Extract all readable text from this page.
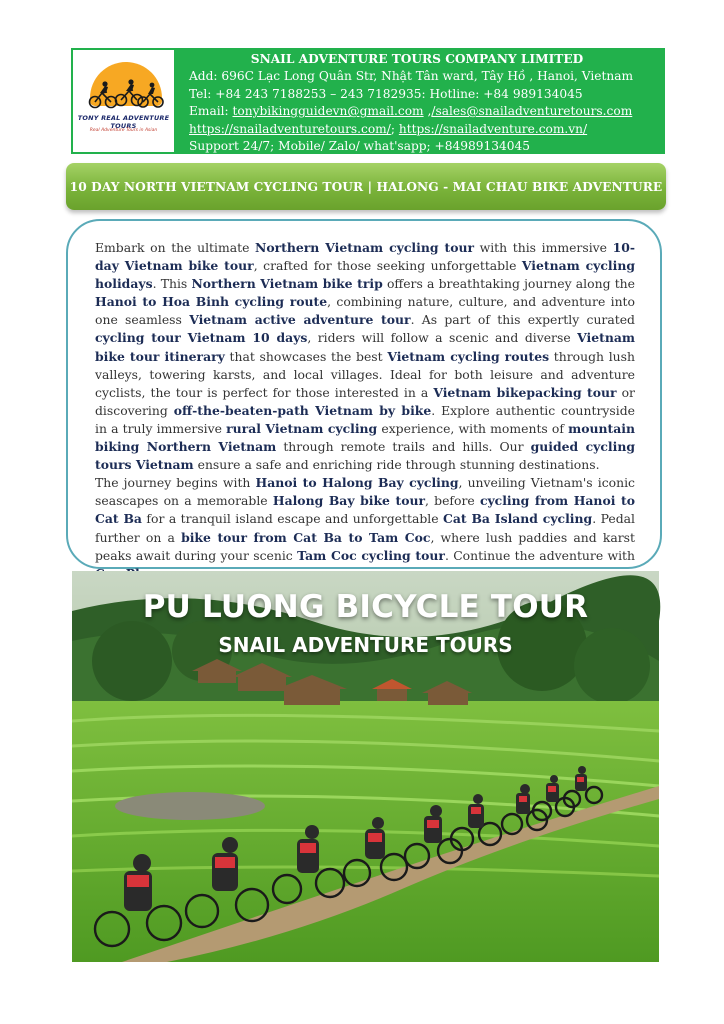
TONY REAL ADVENTURE TOURS
Real Adventure Tours in Asian
SNAIL ADVENTURE TOURS COMPANY LIMITED
Add: 696C Lạc Long Quân Str, Nhật Tân ward, Tây Hồ , Hanoi, Vietnam
Tel: +84 243 7188253 – 243 7182935: Hotline: +84 989134045
Email: tonybikingguidevn@gmail.com ,/sales@snailadventuretours.com
https://snailadventuretours.com/; https://snailadventure.com.vn/
Support 24/7; Mobile/ Zalo/ what'sapp; +84989134045
10 DAY NORTH VIETNAM CYCLING TOUR | HALONG - MAI CHAU BIKE ADVENTURE

Embark on the ultimate Northern Vietnam cycling tour with this immersive 10-day Vietnam bike tour, crafted for those seeking unforgettable Vietnam cycling holidays. This Northern Vietnam bike trip offers a breathtaking journey along the Hanoi to Hoa Binh cycling route, combining nature, culture, and adventure into one seamless Vietnam active adventure tour. As part of this expertly curated cycling tour Vietnam 10 days, riders will follow a scenic and diverse Vietnam bike tour itinerary that showcases the best Vietnam cycling routes through lush valleys, towering karsts, and local villages. Ideal for both leisure and adventure cyclists, the tour is perfect for those interested in a Vietnam bikepacking tour or discovering off-the-beaten-path Vietnam by bike. Explore authentic countryside in a truly immersive rural Vietnam cycling experience, with moments of mountain biking Northern Vietnam through remote trails and hills. Our guided cycling tours Vietnam ensure a safe and enriching ride through stunning destinations.

The journey begins with Hanoi to Halong Bay cycling, unveiling Vietnam's iconic seascapes on a memorable Halong Bay bike tour, before cycling from Hanoi to Cat Ba for a tranquil island escape and unforgettable Cat Ba Island cycling. Pedal further on a bike tour from Cat Ba to Tam Coc, where lush paddies and karst peaks await during your scenic Tam Coc cycling tour. Continue the adventure with

PU LUONG BICYCLE TOUR
SNAIL ADVENTURE TOURS
